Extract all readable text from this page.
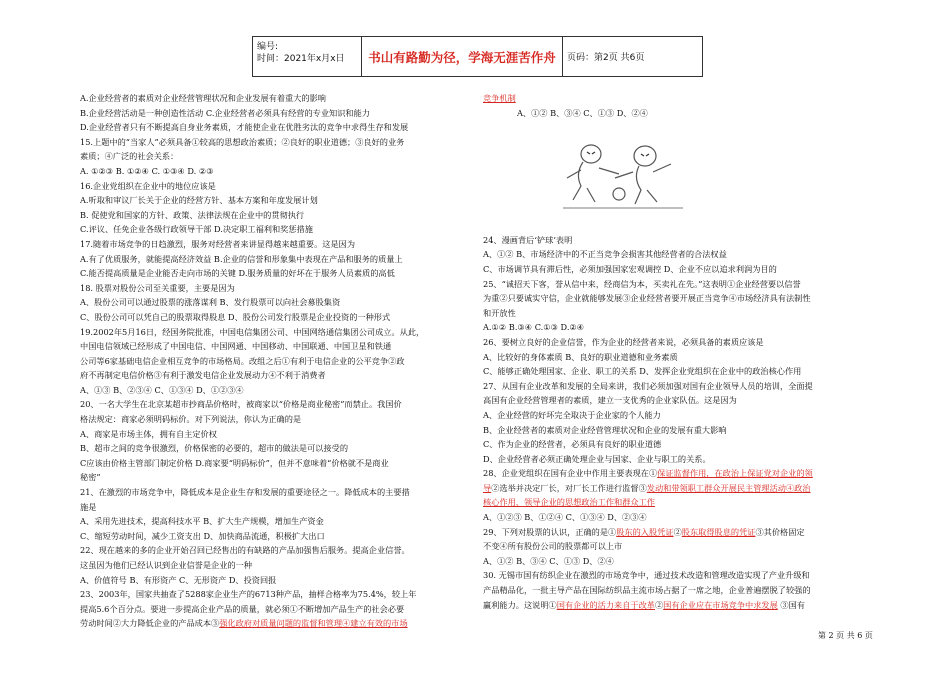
编号:
时间：2021年x月x日	书山有路勤为径，学海无涯苦作舟	页码：第2页 共6页

A.企业经营者的素质对企业经营管理状况和企业发展有着重大的影响

B.企业经营活动是一种创造性活动 C.企业经营者必须具有经营的专业知识和能力

D.企业经营者只有不断提高自身业务素质，才能使企业在优胜劣汰的竞争中求得生存和发展

15.上题中的“当家人”必须具备①较高的思想政治素质；②良好的职业道德；③良好的业务

素质；④广泛的社会关系：

A. ①②③ B. ①②④ C. ①③④ D. ②③

16.企业党组织在企业中的地位应该是

A.听取和审议厂长关于企业的经营方针、基本方案和年度发展计划

B. 促使党和国家的方针、政策、法律法规在企业中的贯彻执行

C.评议、任免企业各级行政领导干部 D.决定职工福利和奖惩措施

17.随着市场竞争的日趋激烈，服务对经营者来讲显得越来越重要。这是因为

A.有了优质服务，就能提高经济效益 B.企业的信誉和形象集中表现在产品和服务的质量上

C.能否提高质量是企业能否走向市场的关键 D.服务质量的好坏在于服务人员素质的高低

18. 股票对股份公司至关重要，主要是因为

A、股份公司可以通过股票的涨落谋利 B、发行股票可以向社会募股集资

C、股份公司可以凭自己的股票取得股息 D、股份公司发行股票是企业投资的一种形式

19.2002年5月16日，经国务院批准，中国电信集团公司、中国网络通信集团公司成立。从此，

中国电信领域已经形成了中国电信、中国网通、中国移动、中国联通、中国卫星和铁通

公司等6家基础电信企业相互竞争的市场格局。改组之后①有利于电信企业的公平竞争②政

府不再制定电信价格③有利于激发电信企业发展动力④不利于消费者

A、①③ B、②③④ C、①③④ D、①②③④

20、一名大学生在北京某超市抄商品价格时，被商家以“价格是商业秘密”而禁止。我国价

格法规定：商家必须明码标价。对下列说法，你认为正确的是

A、商家是市场主体，拥有自主定价权

B、超市之间的竞争很激烈，价格保密的必要的，超市的做法是可以接受的

C应该由价格主管部门制定价格 D.商家要“明码标价”，但并不意味着“价格就不是商业

秘密”

21、在激烈的市场竞争中，降低成本是企业生存和发展的重要途径之一。降低成本的主要措

施是

A、采用先进技术，提高科技水平 B、扩大生产规模，增加生产资金

C、缩短劳动时间，减少工资支出 D、加快商品流通，积极扩大出口

22、现在越来的多的企业开始召回已经售出的有缺路的产品加强售后服务。提高企业信誉。

这虽因为他们已经认识到企业信誉是企业的一种

A、价值符号 B、有形资产 C、无形资产 D、投资回报

23、2003年，国家共抽查了5288家企业生产的6713种产品，抽样合格率为75.4%，较上年

提高5.6个百分点。要进一步提高企业产品的质量，就必须①不断增加产品生产的社会必要

劳动时间②大力降低企业的产品成本③强化政府对质量问题的监督和管理④建立有效的市场

竞争机制

A、①② B、③④ C、①③ D、②④

24、漫画背后‘铲球’表明

A、①② B、市场经济中的不正当竞争会损害其他经营者的合法权益

C、市场调节具有滞后性，必须加强国家宏观调控 D、企业不应以追求利润为目的

25、“诚招天下客，誉从信中来，经商信为本，买卖礼在先。”这表明①企业经营要以信誉

为重②只要诚实守信，企业就能够发展③企业经营者要开展正当竞争④市场经济具有法制性

和开放性

A.①② B.③④ C.①③ D.②④

26、要树立良好的企业信誉，作为企业的经营者来说，必须具备的素质应该是

A、比较好的身体素质 B、良好的职业道德和业务素质

C、能够正确处理国家、企业、职工的关系 D、发挥企业党组织在企业中的政治核心作用

27、从国有企业改革和发展的全局来讲，我们必须加强对国有企业领导人员的培训，全面提

高国有企业经营管理者的素质，建立一支优秀的企业家队伍。这是因为

A、企业经营的好坏完全取决于企业家的个人能力

B、企业经营者的素质对企业经营管理状况和企业的发展有重大影响

C、作为企业的经营者，必须具有良好的职业道德

D、企业经营者必须正确处理企业与国家、企业与职工的关系。

28、企业党组织在国有企业中作用主要表现在①保证监督作用，在政治上保证党对企业的领

导②选举并决定厂长，对厂长工作进行监督③发动和带领职工群众开展民主管理活动④政治

核心作用，领导企业的思想政治工作和群众工作

A、①②③ B、①②④ C、①③④ D、②③④

29、下列对股票的认识，正确的是①股东的入股凭证②股东取得股息的凭证③其价格固定

不变④所有股份公司的股票都可以上市

A、①② B、③④ C、①③ D、②④

30. 无锡市国有纺织企业在激烈的市场竞争中，通过技术改造和管理改造实现了产业升级和

产品精品化，一批主导产品在国际纺织品主流市场占据了一席之地，企业普遍摆脱了较强的

赢利能力。这说明①国有企业的活力来自于改革②国有企业应在市场竞争中求发展 ③国有

第 2 页 共 6 页
